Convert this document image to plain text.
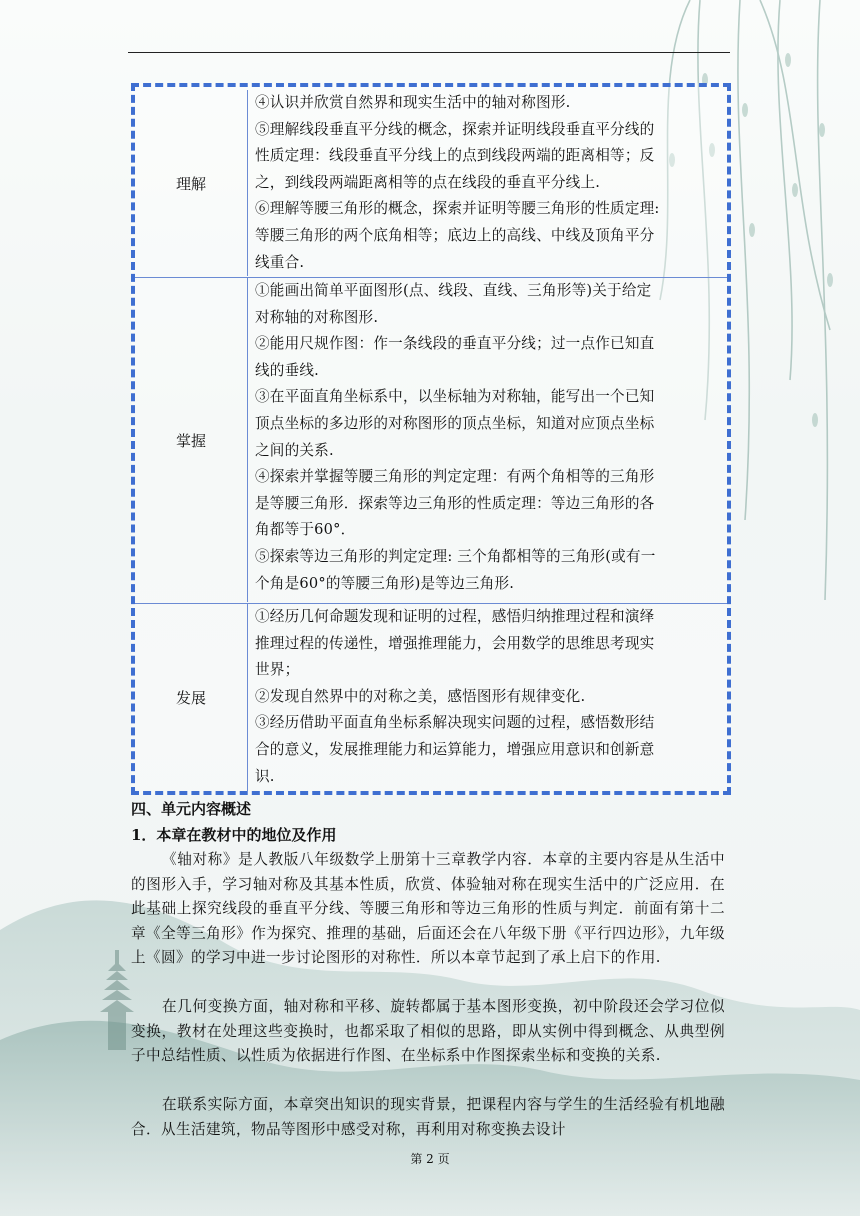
理解
④认识并欣赏自然界和现实生活中的轴对称图形.
⑤理解线段垂直平分线的概念，探索并证明线段垂直平分线的
性质定理：线段垂直平分线上的点到线段两端的距离相等；反
之，到线段两端距离相等的点在线段的垂直平分线上.
⑥理解等腰三角形的概念，探索并证明等腰三角形的性质定理:
等腰三角形的两个底角相等；底边上的高线、中线及顶角平分
线重合.
掌握
①能画出简单平面图形(点、线段、直线、三角形等)关于给定
对称轴的对称图形.
②能用尺规作图：作一条线段的垂直平分线；过一点作已知直
线的垂线.
③在平面直角坐标系中，以坐标轴为对称轴，能写出一个已知
顶点坐标的多边形的对称图形的顶点坐标，知道对应顶点坐标
之间的关系.
④探索并掌握等腰三角形的判定定理：有两个角相等的三角形
是等腰三角形．探索等边三角形的性质定理：等边三角形的各
角都等于60°．
⑤探索等边三角形的判定定理: 三个角都相等的三角形(或有一
个角是60°的等腰三角形)是等边三角形.
发展
①经历几何命题发现和证明的过程，感悟归纳推理过程和演绎
推理过程的传递性，增强推理能力，会用数学的思维思考现实
世界；
②发现自然界中的对称之美，感悟图形有规律变化.
③经历借助平面直角坐标系解决现实问题的过程，感悟数形结
合的意义，发展推理能力和运算能力，增强应用意识和创新意
识.
四、单元内容概述
1．本章在教材中的地位及作用
《轴对称》是人教版八年级数学上册第十三章教学内容．本章的主要内容是从生活中的图形入手，学习轴对称及其基本性质，欣赏、体验轴对称在现实生活中的广泛应用．在此基础上探究线段的垂直平分线、等腰三角形和等边三角形的性质与判定．前面有第十二章《全等三角形》作为探究、推理的基础，后面还会在八年级下册《平行四边形》，九年级上《圆》的学习中进一步讨论图形的对称性．所以本章节起到了承上启下的作用.
在几何变换方面，轴对称和平移、旋转都属于基本图形变换，初中阶段还会学习位似变换，教材在处理这些变换时，也都采取了相似的思路，即从实例中得到概念、从典型例子中总结性质、以性质为依据进行作图、在坐标系中作图探索坐标和变换的关系.
在联系实际方面，本章突出知识的现实背景，把课程内容与学生的生活经验有机地融合．从生活建筑，物品等图形中感受对称，再利用对称变换去设计
第 2 页
